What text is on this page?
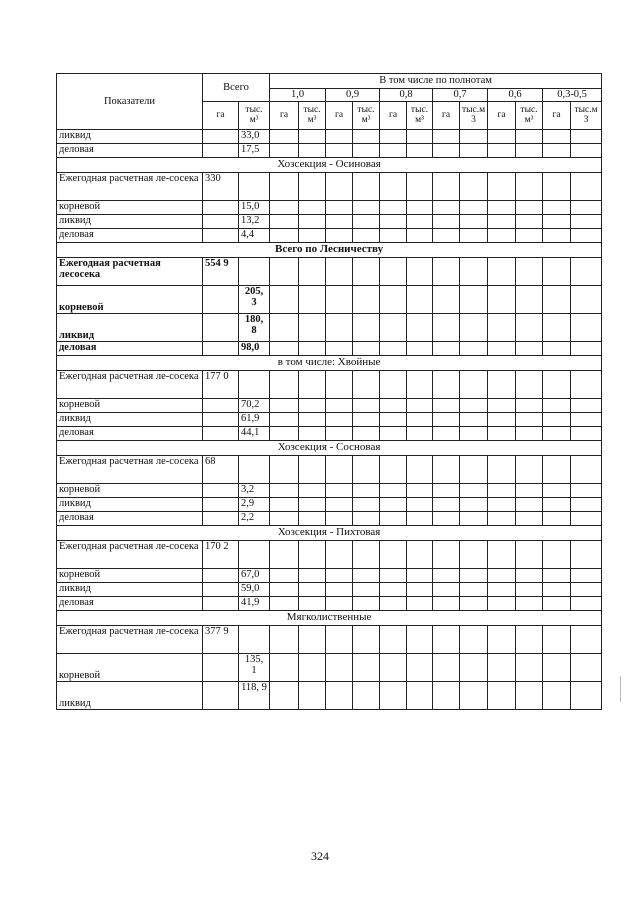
Показатели	Всего		В том числе по полнотам											
			1,0		0,9		0,8		0,7		0,6		0,3-0,5	
	га	тыс. м³	га	тыс. м³	га	тыс. м³	га	тыс. м³	га	тыс.м 3	га	тыс. м³	га	тыс.м 3
ликвид		33,0												
деловая		17,5												
Хозсекция - Осиновая														
Ежегодная расчетная ле-сосека	330													
корневой		15,0												
ликвид		13,2												
деловая		4,4												
Всего по Лесничеству														
Ежегодная расчетная лесосека	554 9													
корневой		205, 3												
ликвид		180, 8												
деловая		98,0												
в том числе: Хвойные														
Ежегодная расчетная ле-сосека	177 0													
корневой		70,2												
ликвид		61,9												
деловая		44,1												
Хозсекция - Сосновая														
Ежегодная расчетная ле-сосека	68													
корневой		3,2												
ликвид		2,9												
деловая		2,2												
Хозсекция - Пихтовая														
Ежегодная расчетная ле-сосека	170 2													
корневой		67,0												
ликвид		59,0												
деловая		41,9												
Мягколиственные														
Ежегодная расчетная ле-сосека	377 9													
корневой		135, 1												
ликвид		118, 9												
324
